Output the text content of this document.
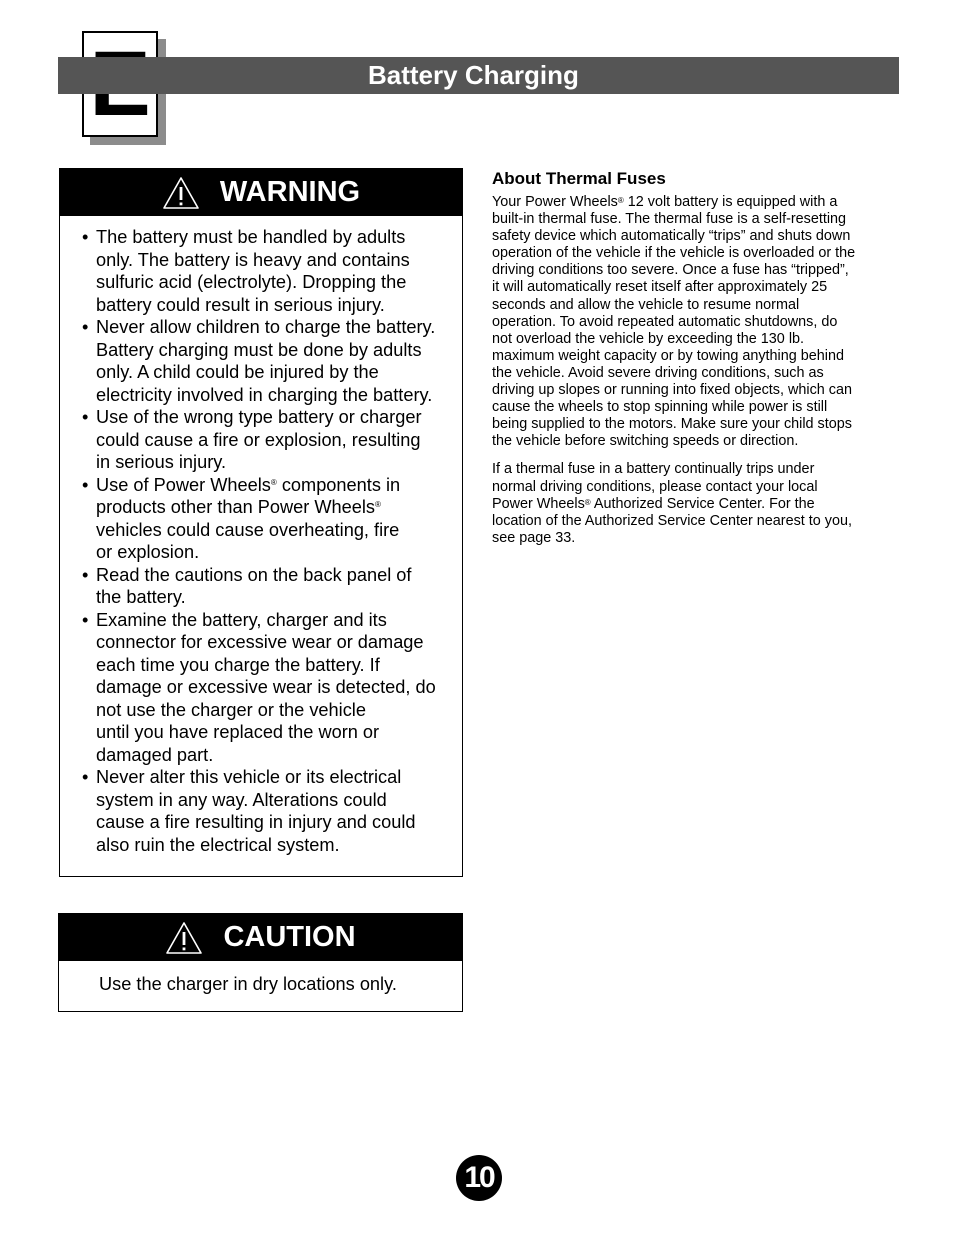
Battery Charging
WARNING
• The battery must be handled by adults
only. The battery is heavy and contains
sulfuric acid (electrolyte). Dropping the
battery could result in serious injury.

• Never allow children to charge the battery.
Battery charging must be done by adults
only. A child could be injured by the
electricity involved in charging the battery.

• Use of the wrong type battery or charger
could cause a fire or explosion, resulting
in serious injury.

• Use of Power Wheels® components in
products other than Power Wheels®
vehicles could cause overheating, fire
or explosion.

• Read the cautions on the back panel of
the battery.

• Examine the battery, charger and its
connector for excessive wear or damage
each time you charge the battery. If
damage or excessive wear is detected, do
not use the charger or the vehicle
until you have replaced the worn or
damaged part.

• Never alter this vehicle or its electrical
system in any way. Alterations could
cause a fire resulting in injury and could
also ruin the electrical system.

CAUTION
Use the charger in dry locations only.
About Thermal Fuses

Your Power Wheels® 12 volt battery is equipped with a
built-in thermal fuse. The thermal fuse is a self-resetting
safety device which automatically “trips” and shuts down
operation of the vehicle if the vehicle is overloaded or the
driving conditions too severe. Once a fuse has “tripped”,
it will automatically reset itself after approximately 25
seconds and allow the vehicle to resume normal
operation. To avoid repeated automatic shutdowns, do
not overload the vehicle by exceeding the 130 lb.
maximum weight capacity or by towing anything behind
the vehicle. Avoid severe driving conditions, such as
driving up slopes or running into fixed objects, which can
cause the wheels to stop spinning while power is still
being supplied to the motors. Make sure your child stops
the vehicle before switching speeds or direction.

If a thermal fuse in a battery continually trips under
normal driving conditions, please contact your local
Power Wheels® Authorized Service Center. For the
location of the Authorized Service Center nearest to you,
see page 33.

10
